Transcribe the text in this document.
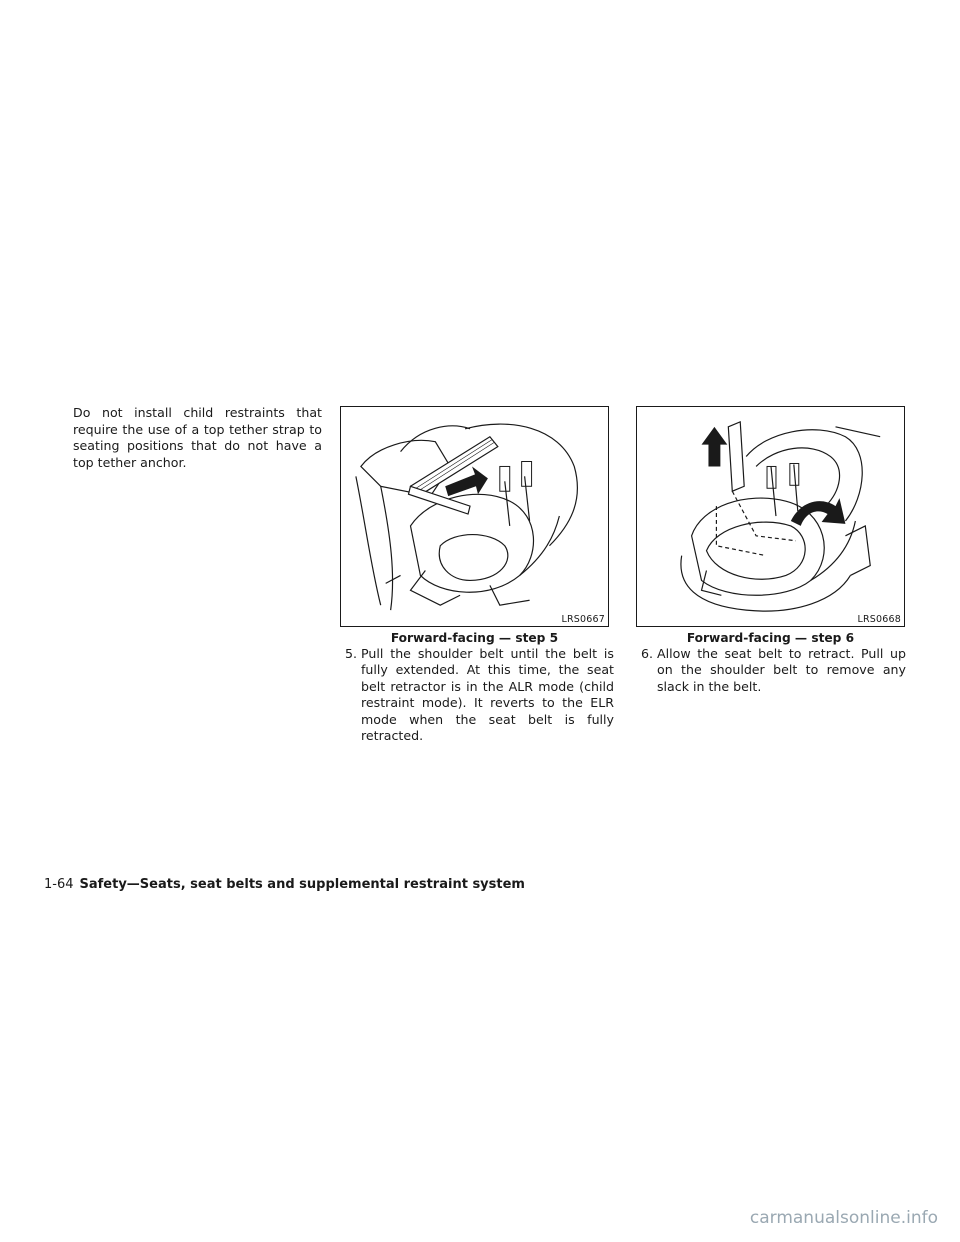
Do not install child restraints that require the use of a top tether strap to seating positions that do not have a top tether anchor.

LRS0667
Forward-facing — step 5
LRS0668
Forward-facing — step 6
5. Pull the shoulder belt until the belt is fully extended. At this time, the seat belt retractor is in the ALR mode (child restraint mode). It reverts to the ELR mode when the seat belt is fully retracted.
6. Allow the seat belt to retract. Pull up on the shoulder belt to remove any slack in the belt.
1-64 Safety—Seats, seat belts and supplemental restraint system
carmanualsonline.info
